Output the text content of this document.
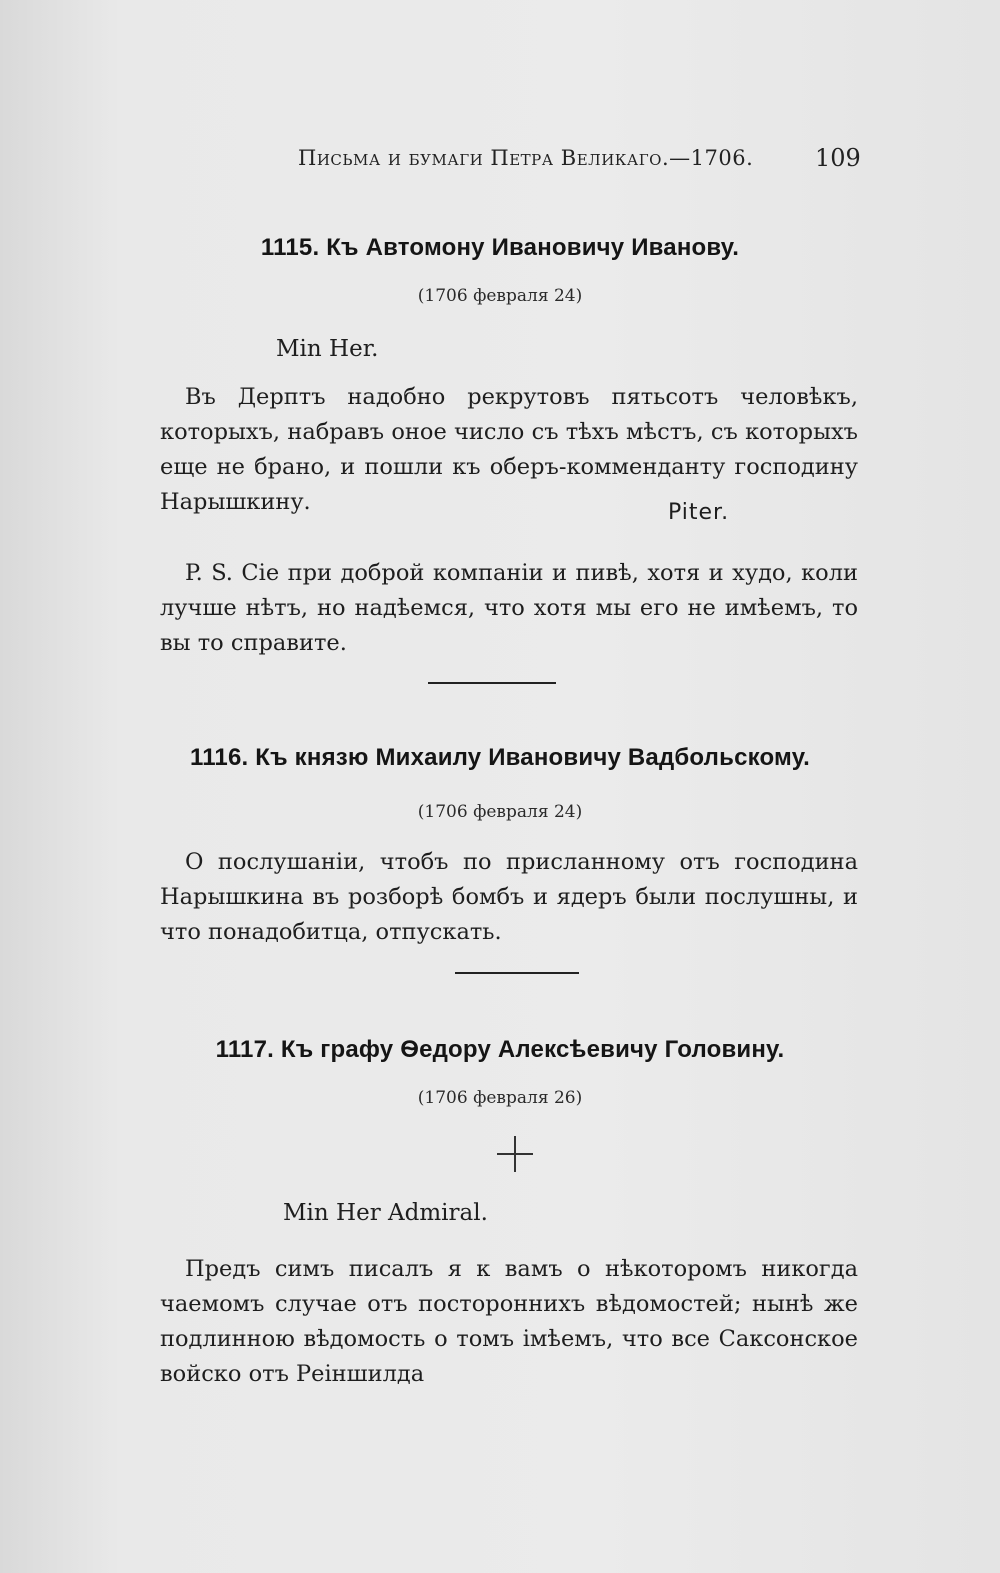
Письма и бумаги Петра Великаго.—1706.	109
1115. Къ Автомону Ивановичу Иванову.
(1706 февраля 24)
Min Her.
Въ Дерптъ надобно рекрутовъ пятьсотъ человѣкъ, которыхъ, набравъ оное число съ тѣхъ мѣстъ, съ которыхъ еще не брано, и пошли къ оберъ-комменданту господину Нарышкину.	Piter.
P. S. Сіе при доброй компаніи и пивѣ, хотя и худо, коли лучше нѣтъ, но надѣемся, что хотя мы его не имѣемъ, то вы то справите.
1116. Къ князю Михаилу Ивановичу Вадбольскому.
(1706 февраля 24)
О послушаніи, чтобъ по присланному отъ господина Нарышкина въ розборѣ бомбъ и ядеръ были послушны, и что понадобитца, отпускать.
1117. Къ графу Ѳедору Алексѣевичу Головину.
(1706 февраля 26)
Min Her Admiral.
Предъ симъ писалъ я к вамъ о нѣкоторомъ никогда чаемомъ случае отъ посторонниxъ вѣдомостей; нынѣ же подлинною вѣдомость о томъ імѣемъ, что все Саксонское войско отъ Реіншилда
